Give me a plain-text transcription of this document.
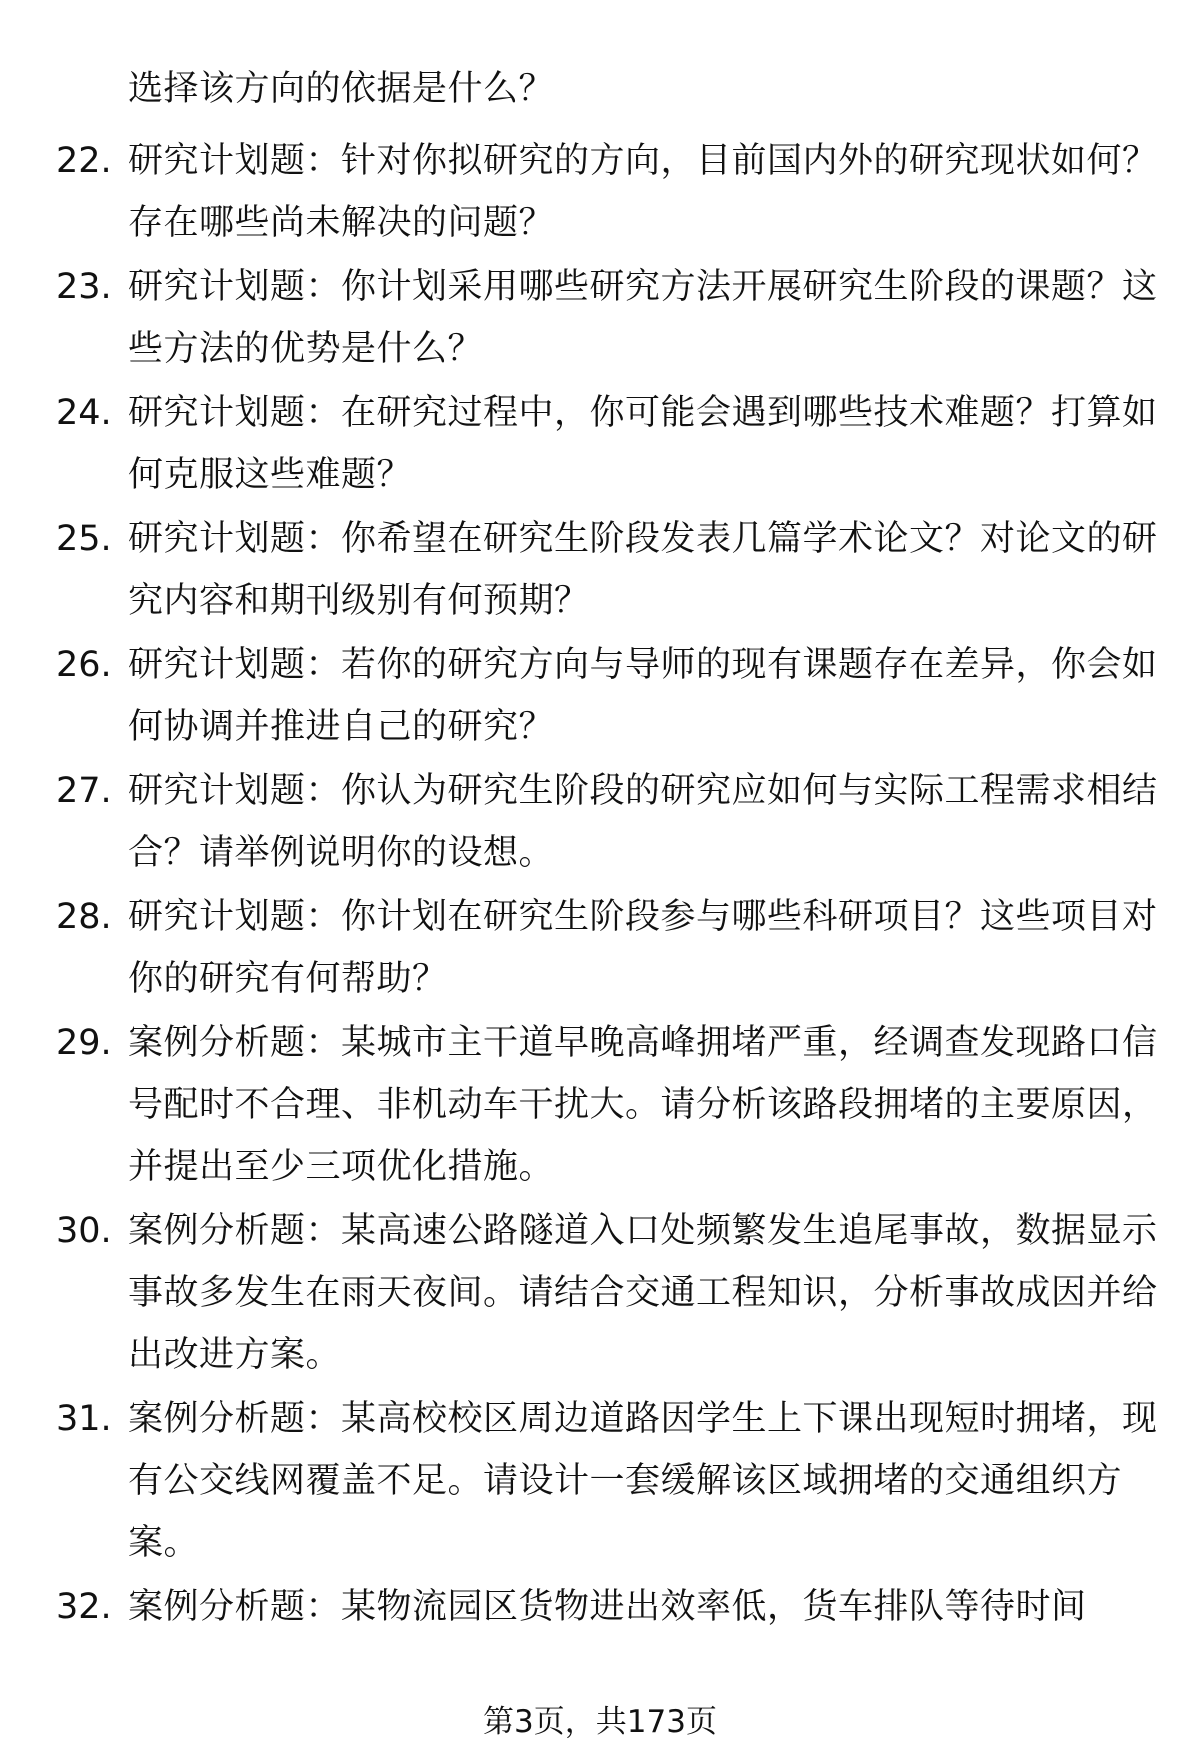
选择该方向的依据是什么？
22. 研究计划题：针对你拟研究的方向，目前国内外的研究现状如何？存在哪些尚未解决的问题？
23. 研究计划题：你计划采用哪些研究方法开展研究生阶段的课题？这些方法的优势是什么？
24. 研究计划题：在研究过程中，你可能会遇到哪些技术难题？打算如何克服这些难题？
25. 研究计划题：你希望在研究生阶段发表几篇学术论文？对论文的研究内容和期刊级别有何预期？
26. 研究计划题：若你的研究方向与导师的现有课题存在差异，你会如何协调并推进自己的研究？
27. 研究计划题：你认为研究生阶段的研究应如何与实际工程需求相结合？请举例说明你的设想。
28. 研究计划题：你计划在研究生阶段参与哪些科研项目？这些项目对你的研究有何帮助？
29. 案例分析题：某城市主干道早晚高峰拥堵严重，经调查发现路口信号配时不合理、非机动车干扰大。请分析该路段拥堵的主要原因，并提出至少三项优化措施。
30. 案例分析题：某高速公路隧道入口处频繁发生追尾事故，数据显示事故多发生在雨天夜间。请结合交通工程知识，分析事故成因并给出改进方案。
31. 案例分析题：某高校校区周边道路因学生上下课出现短时拥堵，现有公交线网覆盖不足。请设计一套缓解该区域拥堵的交通组织方案。
32. 案例分析题：某物流园区货物进出效率低，货车排队等待时间
第3页，共173页
